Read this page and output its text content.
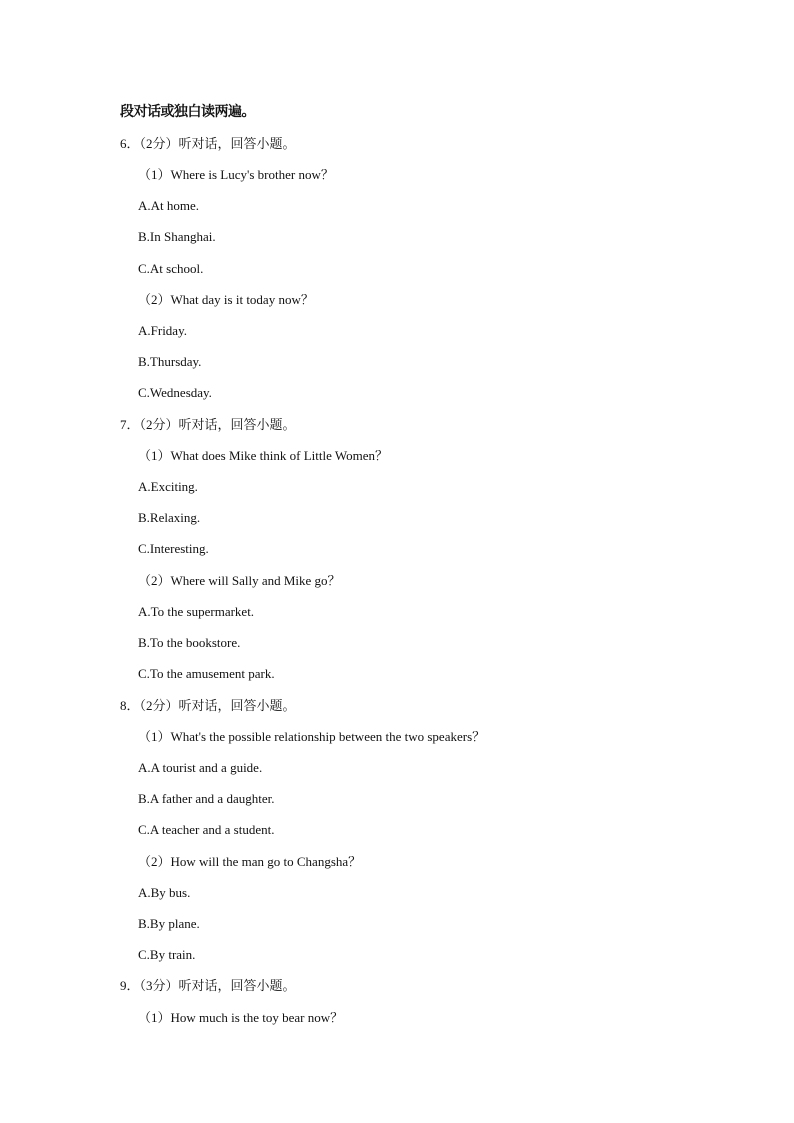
段对话或独白读两遍。
6．（2分）听对话，回答小题。
（1）Where is Lucy's brother now？
A.At home.
B.In Shanghai.
C.At school.
（2）What day is it today now？
A.Friday.
B.Thursday.
C.Wednesday.
7．（2分）听对话，回答小题。
（1）What does Mike think of Little Women？
A.Exciting.
B.Relaxing.
C.Interesting.
（2）Where will Sally and Mike go？
A.To the supermarket.
B.To the bookstore.
C.To the amusement park.
8．（2分）听对话，回答小题。
（1）What's the possible relationship between the two speakers？
A.A tourist and a guide.
B.A father and a daughter.
C.A teacher and a student.
（2）How will the man go to Changsha？
A.By bus.
B.By plane.
C.By train.
9．（3分）听对话，回答小题。
（1）How much is the toy bear now？
